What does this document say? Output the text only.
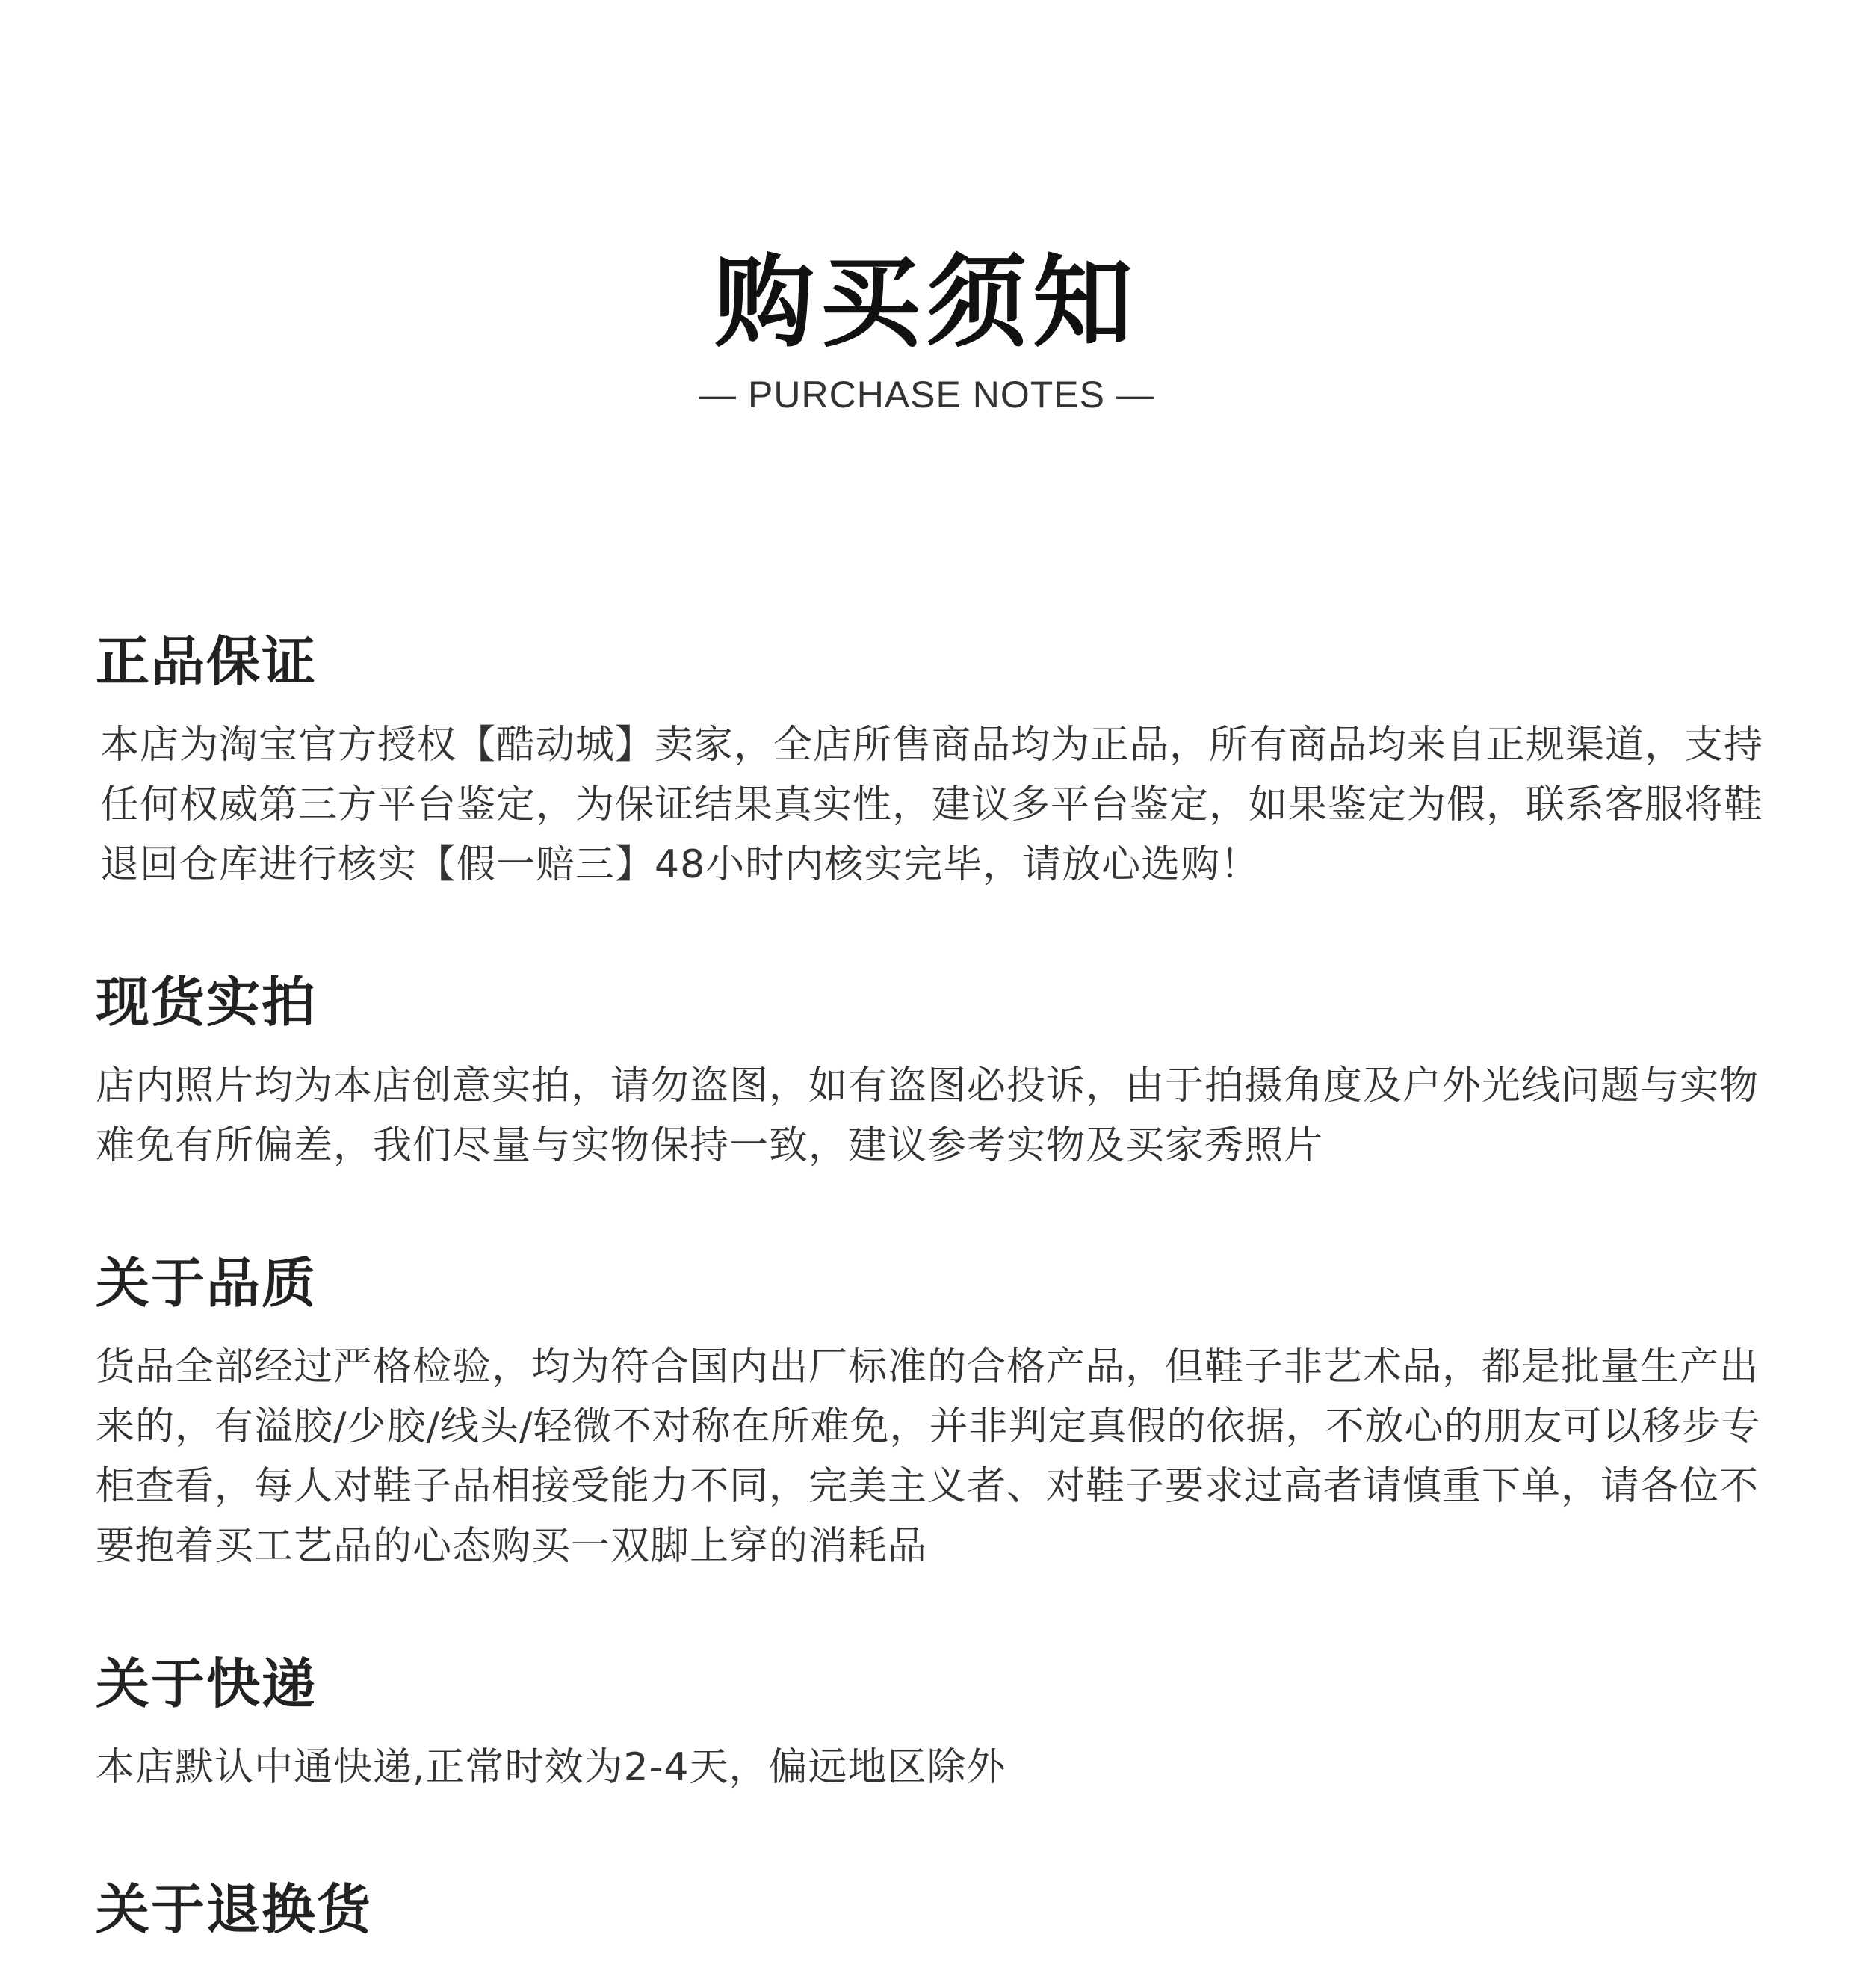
购买须知
— PURCHASE NOTES —
正品保证

本店为淘宝官方授权【酷动城】卖家，全店所售商品均为正品，所有商品均来自正规渠道，支持任何权威第三方平台鉴定，为保证结果真实性，建议多平台鉴定，如果鉴定为假，联系客服将鞋退回仓库进行核实【假一赔三】48小时内核实完毕，请放心选购！

现货实拍

店内照片均为本店创意实拍，请勿盗图，如有盗图必投诉，由于拍摄角度及户外光线问题与实物难免有所偏差，我们尽量与实物保持一致，建议参考实物及买家秀照片

关于品质

货品全部经过严格检验，均为符合国内出厂标准的合格产品，但鞋子非艺术品，都是批量生产出来的，有溢胶/少胶/线头/轻微不对称在所难免，并非判定真假的依据，不放心的朋友可以移步专柜查看，每人对鞋子品相接受能力不同，完美主义者、对鞋子要求过高者请慎重下单，请各位不要抱着买工艺品的心态购买一双脚上穿的消耗品

关于快递

本店默认中通快递,正常时效为2-4天，偏远地区除外

关于退换货
